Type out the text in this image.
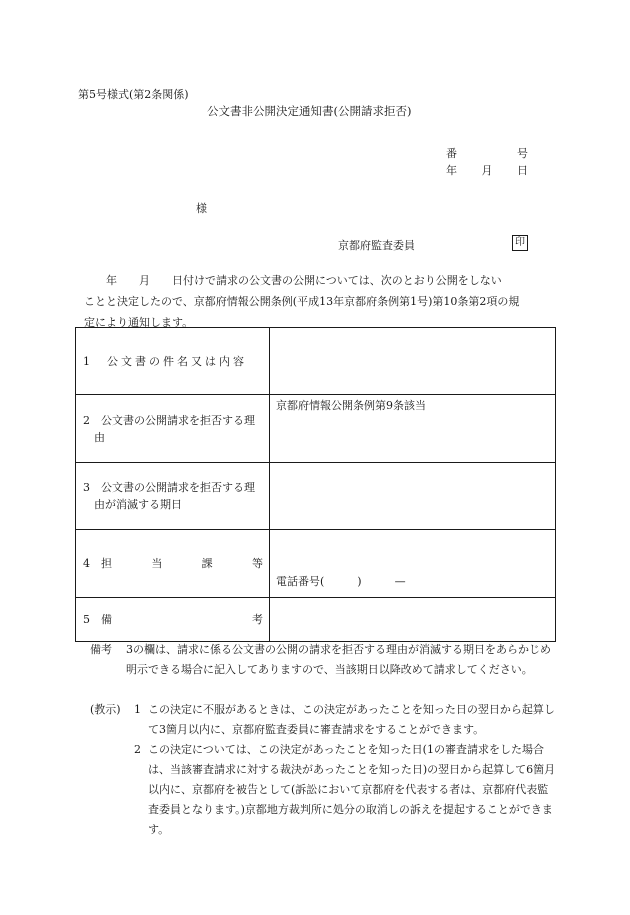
第5号様式(第2条関係)
公文書非公開決定通知書(公開請求拒否)
番	号
年 月 日
様
京都府監査委員	印

　　年　　月　　日付けで請求の公文書の公開については、次のとおり公開をしない

ことと決定したので、京都府情報公開条例(平成13年京都府条例第1号)第10条第2項の規

定により通知します。

1　公文書の件名又は内容	

2　公文書の公開請求を拒否する理由	京都府情報公開条例第9条該当

3　公文書の公開請求を拒否する理由が消滅する期日	

4　担 当 課 等	電話番号(　　　)　　　—

5　備 考	

備考 3の欄は、請求に係る公文書の公開の請求を拒否する理由が消滅する期日をあらかじめ明示できる場合に記入してありますので、当該期日以降改めて請求してください。
(教示) 1 この決定に不服があるときは、この決定があったことを知った日の翌日から起算して3箇月以内に、京都府監査委員に審査請求をすることができます。
2 この決定については、この決定があったことを知った日(1の審査請求をした場合は、当該審査請求に対する裁決があったことを知った日)の翌日から起算して6箇月以内に、京都府を被告として(訴訟において京都府を代表する者は、京都府代表監査委員となります。)京都地方裁判所に処分の取消しの訴えを提起することができます。
